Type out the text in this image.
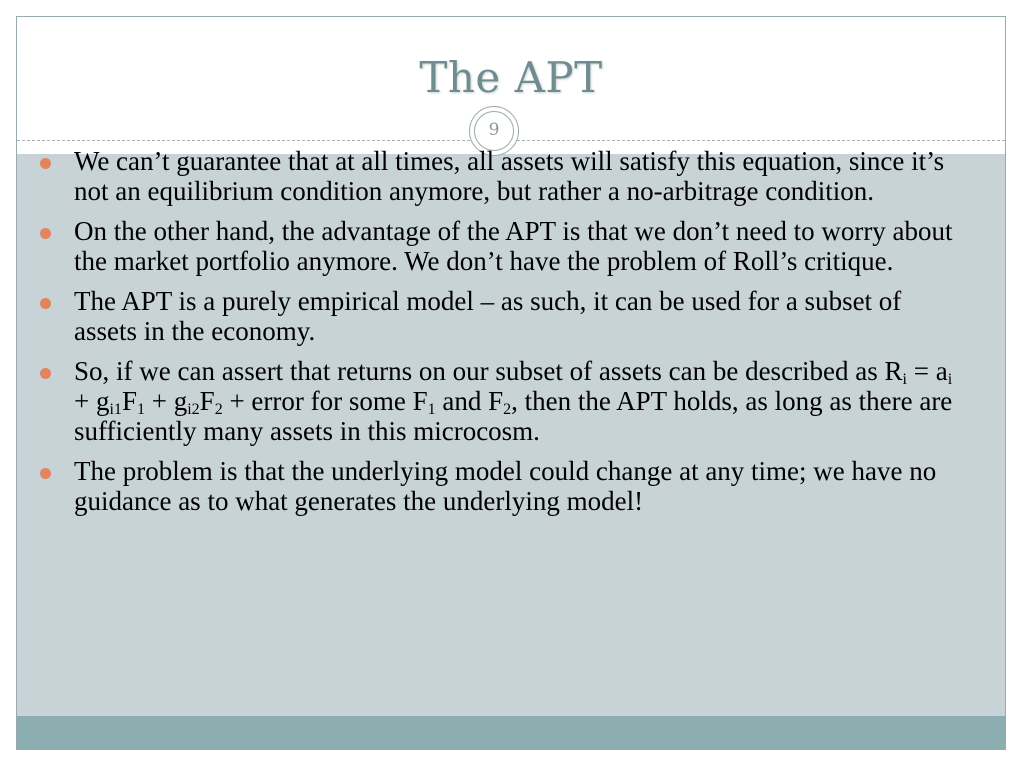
The APT
9
We can’t guarantee that at all times, all assets will satisfy this equation, since it’s not an equilibrium condition anymore, but rather a no-arbitrage condition.
On the other hand, the advantage of the APT is that we don’t need to worry about the market portfolio anymore. We don’t have the problem of Roll’s critique.
The APT is a purely empirical model – as such, it can be used for a subset of assets in the economy.
So, if we can assert that returns on our subset of assets can be described as $R_i = a_i + g_{i1}F_1 + g_{i2}F_2$ + error for some $F_1$ and $F_2$, then the APT holds, as long as there are sufficiently many assets in this microcosm.
The problem is that the underlying model could change at any time; we have no guidance as to what generates the underlying model!
